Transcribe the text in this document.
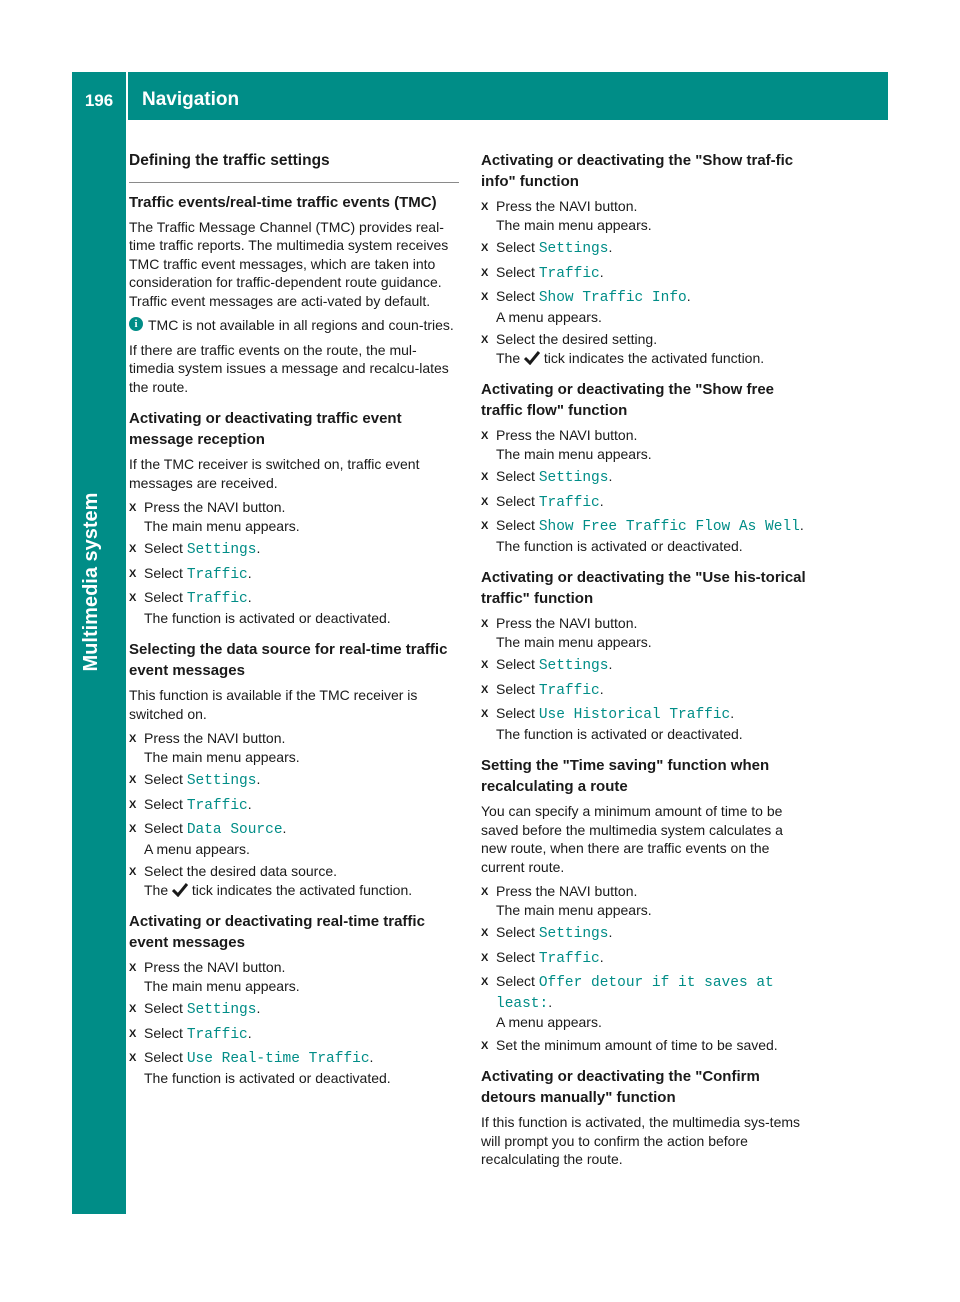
196	Navigation
Multimedia system
Defining the traffic settings
Traffic events/real-time traffic events (TMC)

The Traffic Message Channel (TMC) provides real-time traffic reports. The multimedia system receives TMC traffic event messages, which are taken into consideration for traffic-dependent route guidance. Traffic event messages are acti-vated by default.

i TMC is not available in all regions and coun-tries.

If there are traffic events on the route, the mul-timedia system issues a message and recalcu-lates the route.

Activating or deactivating traffic event message reception

If the TMC receiver is switched on, traffic event messages are received.

X Press the NAVI button.
The main menu appears.
X Select Settings.
X Select Traffic.
X Select Traffic.
The function is activated or deactivated.
Selecting the data source for real-time traffic event messages

This function is available if the TMC receiver is switched on.

X Press the NAVI button.
The main menu appears.
X Select Settings.
X Select Traffic.
X Select Data Source.
A menu appears.
X Select the desired data source.
The tick indicates the activated function.
Activating or deactivating real-time traffic event messages
X Press the NAVI button.
The main menu appears.
X Select Settings.
X Select Traffic.
X Select Use Real-time Traffic.
The function is activated or deactivated.
Activating or deactivating the "Show traf-fic info" function
X Press the NAVI button.
The main menu appears.
X Select Settings.
X Select Traffic.
X Select Show Traffic Info.
A menu appears.
X Select the desired setting.
The tick indicates the activated function.
Activating or deactivating the "Show free traffic flow" function
X Press the NAVI button.
The main menu appears.
X Select Settings.
X Select Traffic.
X Select Show Free Traffic Flow As Well.
The function is activated or deactivated.
Activating or deactivating the "Use his-torical traffic" function
X Press the NAVI button.
The main menu appears.
X Select Settings.
X Select Traffic.
X Select Use Historical Traffic.
The function is activated or deactivated.
Setting the "Time saving" function when recalculating a route

You can specify a minimum amount of time to be saved before the multimedia system calculates a new route, when there are traffic events on the current route.

X Press the NAVI button.
The main menu appears.
X Select Settings.
X Select Traffic.
X Select Offer detour if it saves at least:.
A menu appears.
X Set the minimum amount of time to be saved.
Activating or deactivating the "Confirm detours manually" function

If this function is activated, the multimedia sys-tems will prompt you to confirm the action before recalculating the route.
